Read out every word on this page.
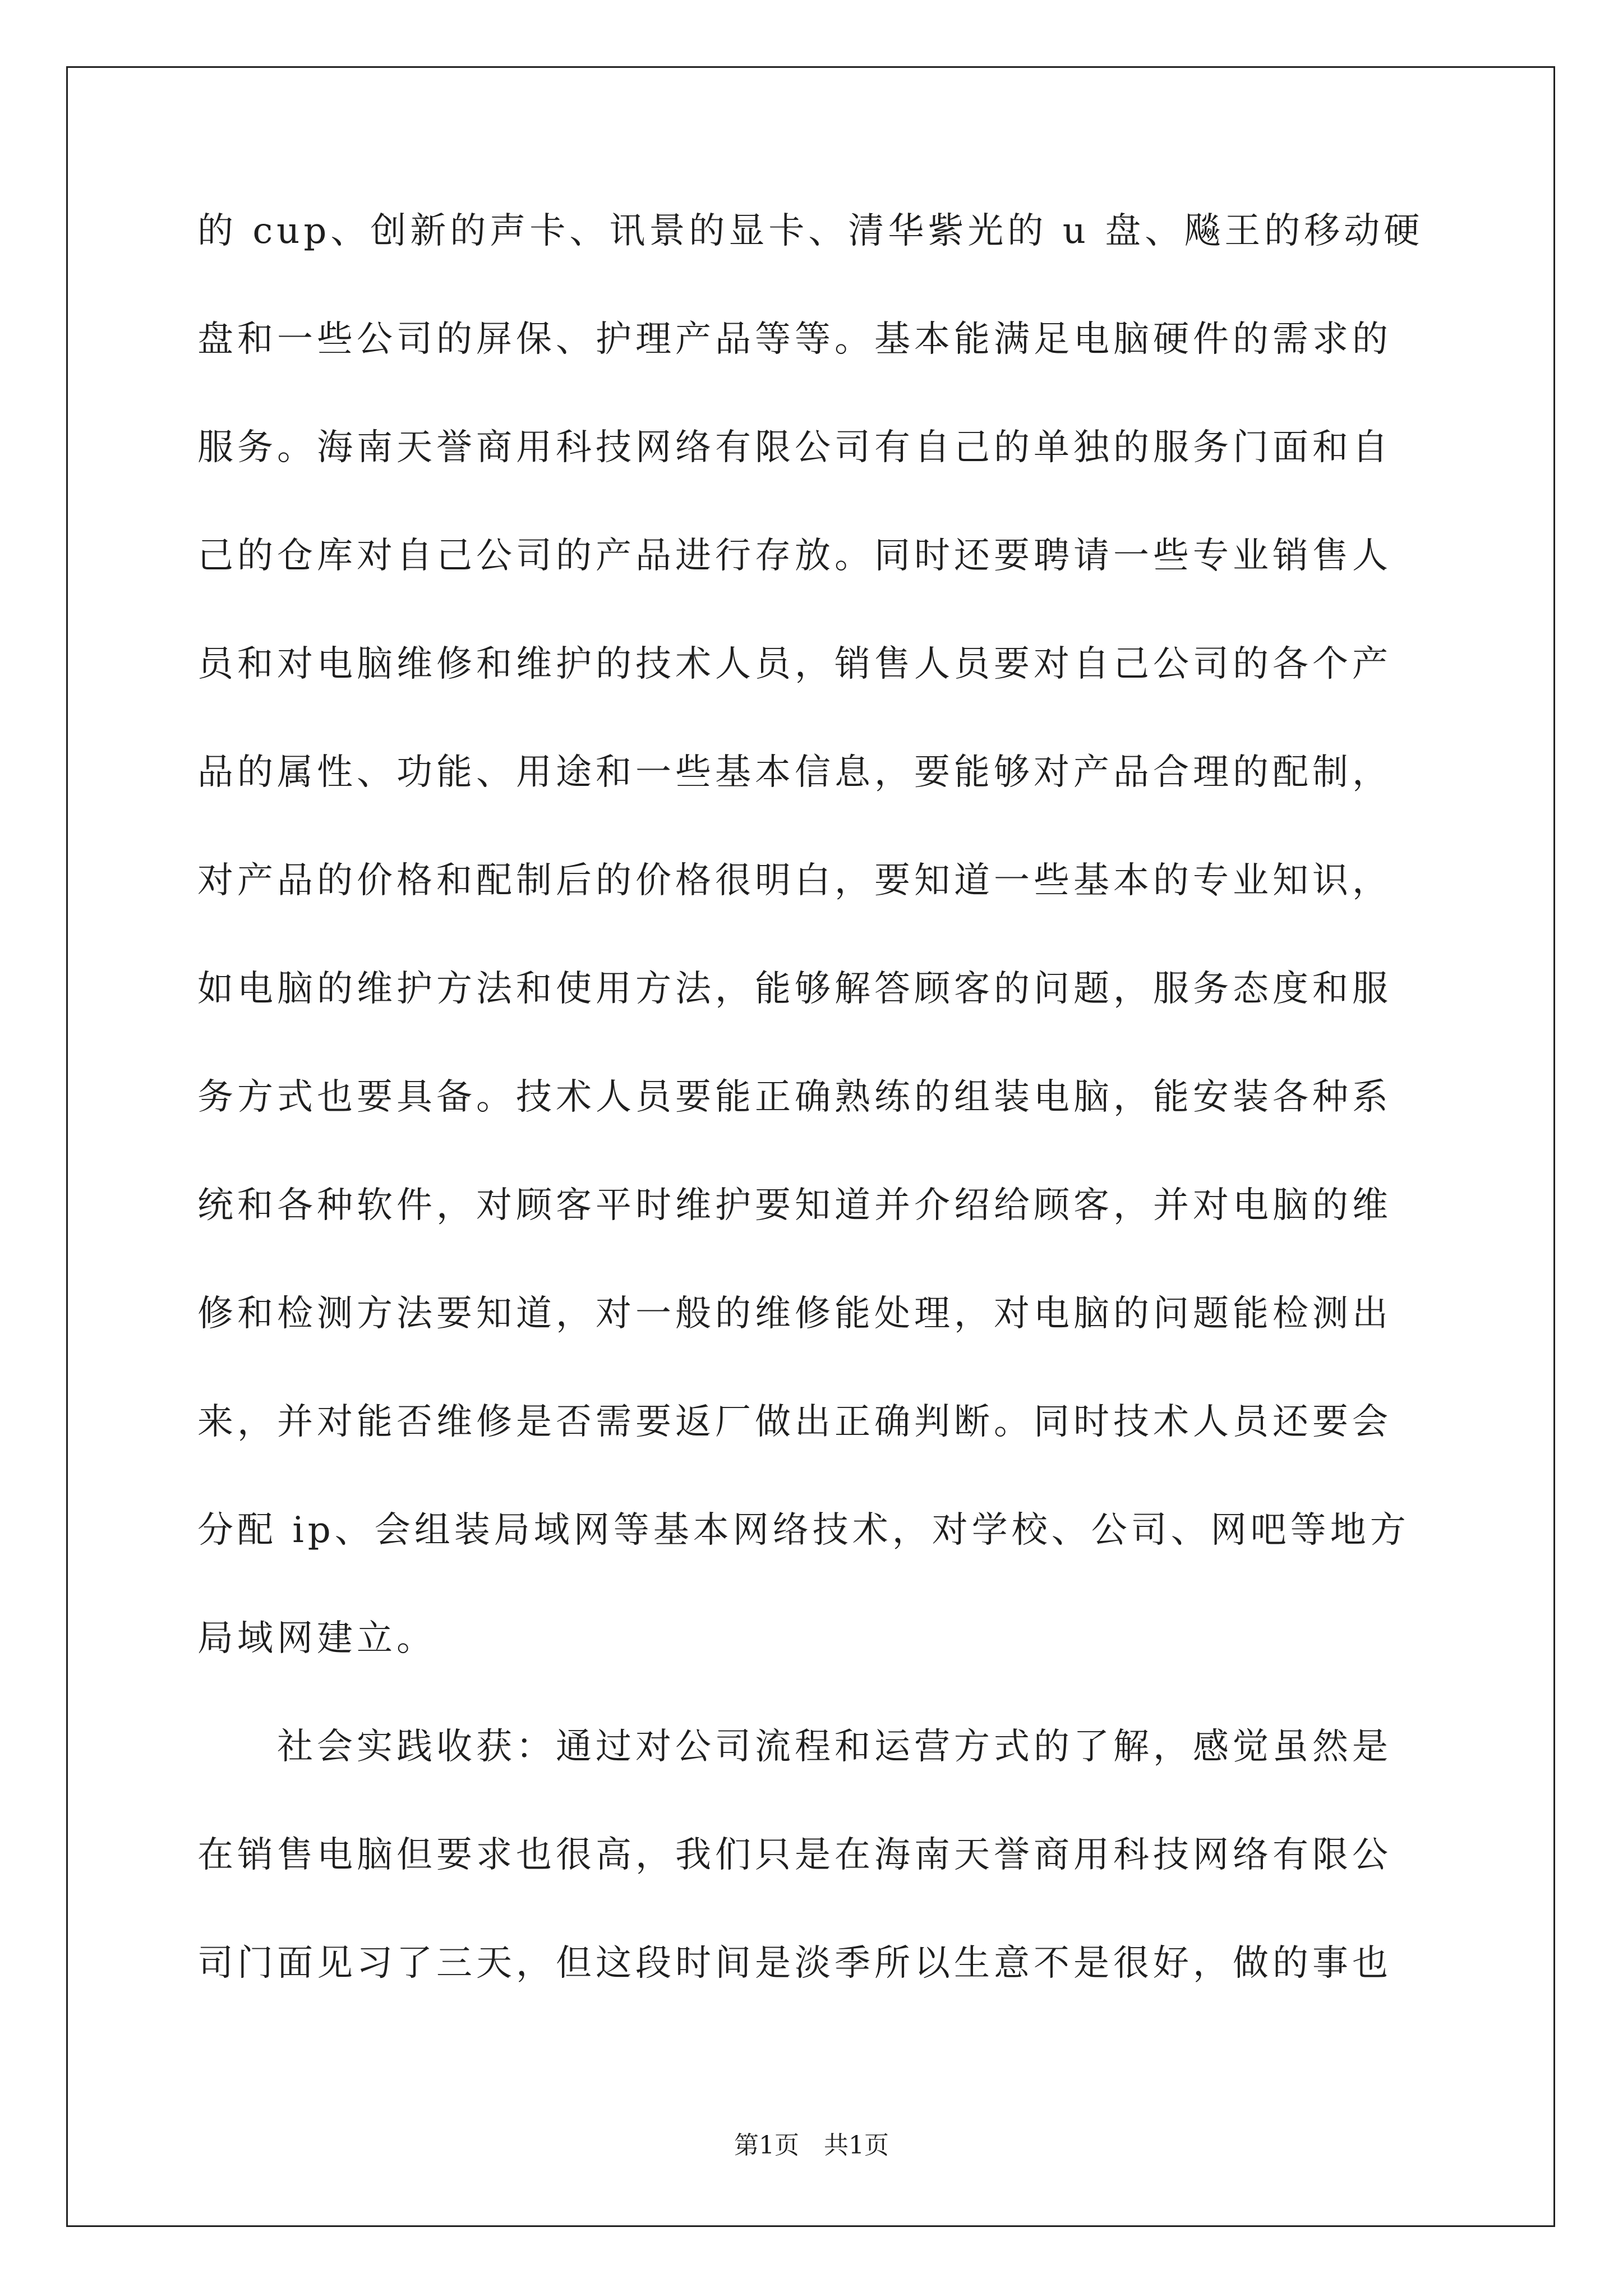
的 cup、创新的声卡、讯景的显卡、清华紫光的 u 盘、飚王的移动硬
盘和一些公司的屏保、护理产品等等。基本能满足电脑硬件的需求的
服务。海南天誉商用科技网络有限公司有自己的单独的服务门面和自
己的仓库对自己公司的产品进行存放。同时还要聘请一些专业销售人
员和对电脑维修和维护的技术人员，销售人员要对自己公司的各个产
品的属性、功能、用途和一些基本信息，要能够对产品合理的配制，
对产品的价格和配制后的价格很明白，要知道一些基本的专业知识，
如电脑的维护方法和使用方法，能够解答顾客的问题，服务态度和服
务方式也要具备。技术人员要能正确熟练的组装电脑，能安装各种系
统和各种软件，对顾客平时维护要知道并介绍给顾客，并对电脑的维
修和检测方法要知道，对一般的维修能处理，对电脑的问题能检测出
来，并对能否维修是否需要返厂做出正确判断。同时技术人员还要会
分配 ip、会组装局域网等基本网络技术，对学校、公司、网吧等地方
局域网建立。
　　社会实践收获：通过对公司流程和运营方式的了解，感觉虽然是
在销售电脑但要求也很高，我们只是在海南天誉商用科技网络有限公
司门面见习了三天，但这段时间是淡季所以生意不是很好，做的事也
第1页　共1页
